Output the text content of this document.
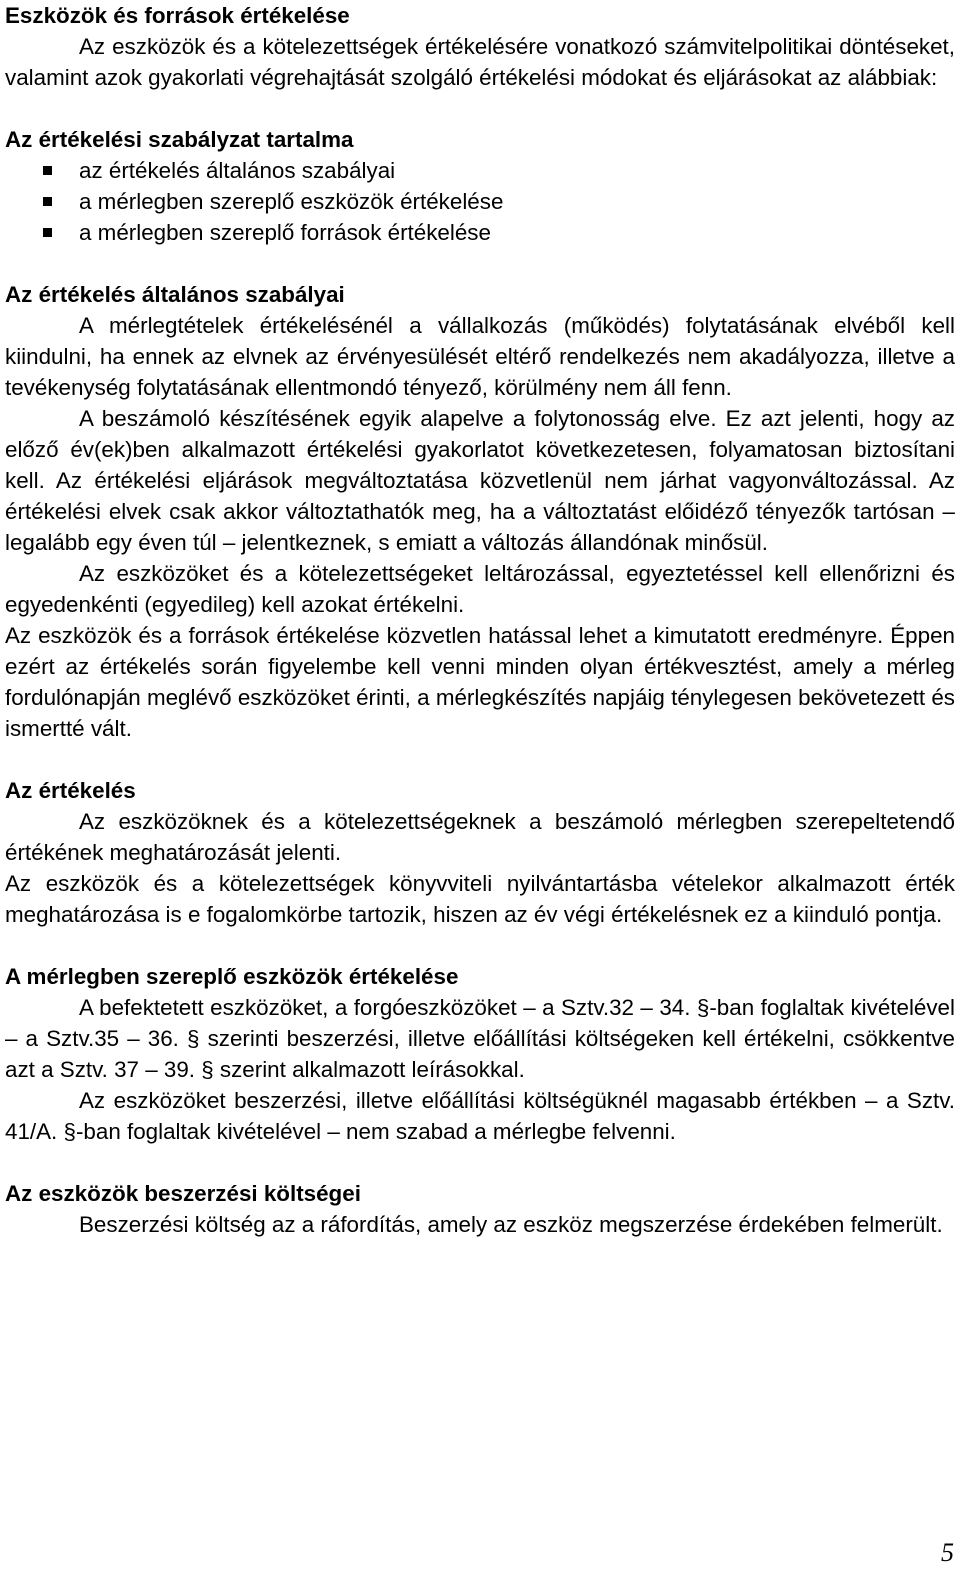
Eszközök és források értékelése

Az eszközök és a kötelezettségek értékelésére vonatkozó számvitelpolitikai döntéseket, valamint azok gyakorlati végrehajtását szolgáló értékelési módokat és eljárásokat az alábbiak:

Az értékelési szabályzat tartalma
az értékelés általános szabályai
a mérlegben szereplő eszközök értékelése
a mérlegben szereplő források értékelése
Az értékelés általános szabályai

A mérlegtételek értékelésénél a vállalkozás (működés) folytatásának elvéből kell kiindulni, ha ennek az elvnek az érvényesülését eltérő rendelkezés nem akadályozza, illetve a tevékenység folytatásának ellentmondó tényező, körülmény nem áll fenn.

A beszámoló készítésének egyik alapelve a folytonosság elve. Ez azt jelenti, hogy az előző év(ek)ben alkalmazott értékelési gyakorlatot következetesen, folyamatosan biztosítani kell. Az értékelési eljárások megváltoztatása közvetlenül nem járhat vagyonváltozással. Az értékelési elvek csak akkor változtathatók meg, ha a változtatást előidéző tényezők tartósan – legalább egy éven túl – jelentkeznek, s emiatt a változás állandónak minősül.

Az eszközöket és a kötelezettségeket leltározással, egyeztetéssel kell ellenőrizni és egyedenkénti (egyedileg) kell azokat értékelni.

Az eszközök és a források értékelése közvetlen hatással lehet a kimutatott eredményre. Éppen ezért az értékelés során figyelembe kell venni minden olyan értékvesztést, amely a mérleg fordulónapján meglévő eszközöket érinti, a mérlegkészítés napjáig ténylegesen bekövetezett és ismertté vált.

Az értékelés

Az eszközöknek és a kötelezettségeknek a beszámoló mérlegben szerepeltetendő értékének meghatározását jelenti.

Az eszközök és a kötelezettségek könyvviteli nyilvántartásba vételekor alkalmazott érték meghatározása is e fogalomkörbe tartozik, hiszen az év végi értékelésnek ez a kiinduló pontja.

A mérlegben szereplő eszközök értékelése

A befektetett eszközöket, a forgóeszközöket – a Sztv.32 – 34. §-ban foglaltak kivételével – a Sztv.35 – 36. § szerinti beszerzési, illetve előállítási költségeken kell értékelni, csökkentve azt a Sztv. 37 – 39. § szerint alkalmazott leírásokkal.

Az eszközöket beszerzési, illetve előállítási költségüknél magasabb értékben – a Sztv. 41/A. §-ban foglaltak kivételével – nem szabad a mérlegbe felvenni.

Az eszközök beszerzési költségei

Beszerzési költség az a ráfordítás, amely az eszköz megszerzése érdekében felmerült.

5
